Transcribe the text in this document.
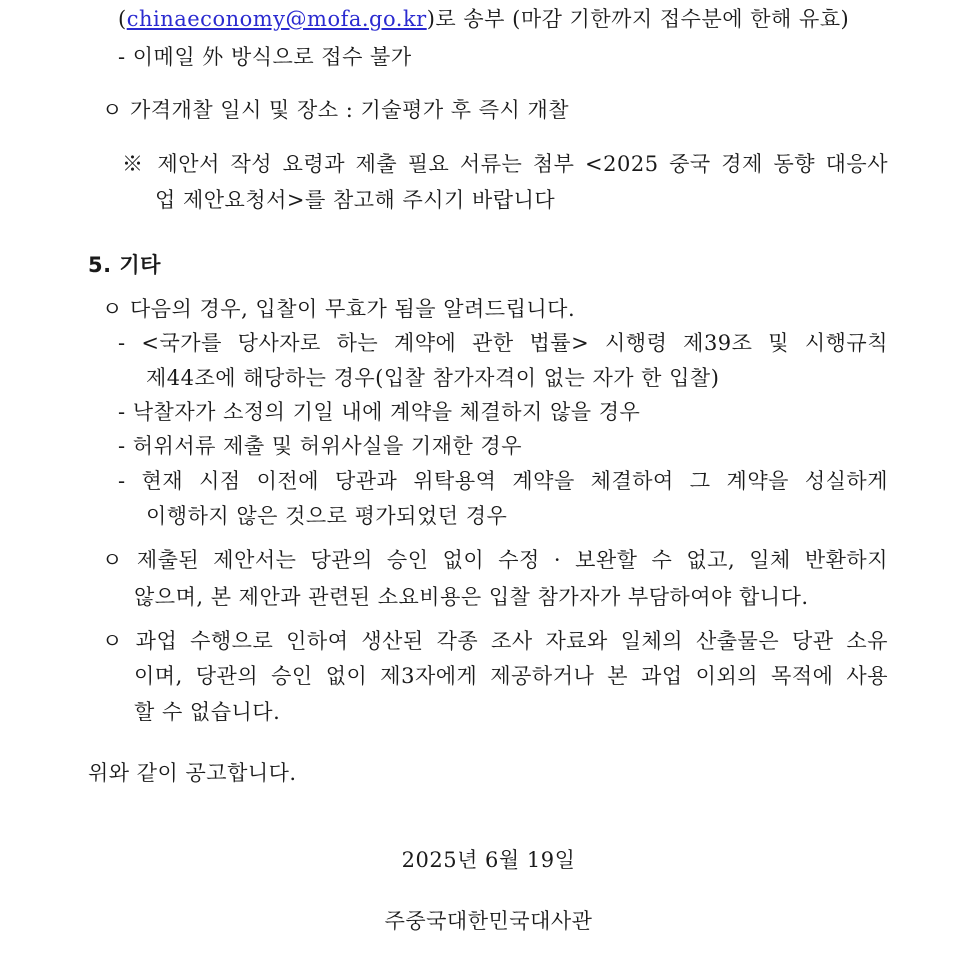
(chinaeconomy@mofa.go.kr)로 송부 (마감 기한까지 접수분에 한해 유효)
- 이메일 外 방식으로 접수 불가
ㅇ 가격개찰 일시 및 장소 : 기술평가 후 즉시 개찰
※ 제안서 작성 요령과 제출 필요 서류는 첨부 <2025 중국 경제 동향 대응사
업 제안요청서>를 참고해 주시기 바랍니다
5. 기타
ㅇ 다음의 경우, 입찰이 무효가 됨을 알려드립니다.
- <국가를 당사자로 하는 계약에 관한 법률> 시행령 제39조 및 시행규칙
제44조에 해당하는 경우(입찰 참가자격이 없는 자가 한 입찰)
- 낙찰자가 소정의 기일 내에 계약을 체결하지 않을 경우
- 허위서류 제출 및 허위사실을 기재한 경우
- 현재 시점 이전에 당관과 위탁용역 계약을 체결하여 그 계약을 성실하게
이행하지 않은 것으로 평가되었던 경우
ㅇ 제출된 제안서는 당관의 승인 없이 수정 · 보완할 수 없고, 일체 반환하지
않으며, 본 제안과 관련된 소요비용은 입찰 참가자가 부담하여야 합니다.
ㅇ 과업 수행으로 인하여 생산된 각종 조사 자료와 일체의 산출물은 당관 소유
이며, 당관의 승인 없이 제3자에게 제공하거나 본 과업 이외의 목적에 사용
할 수 없습니다.
위와 같이 공고합니다.
2025년 6월 19일
주중국대한민국대사관
